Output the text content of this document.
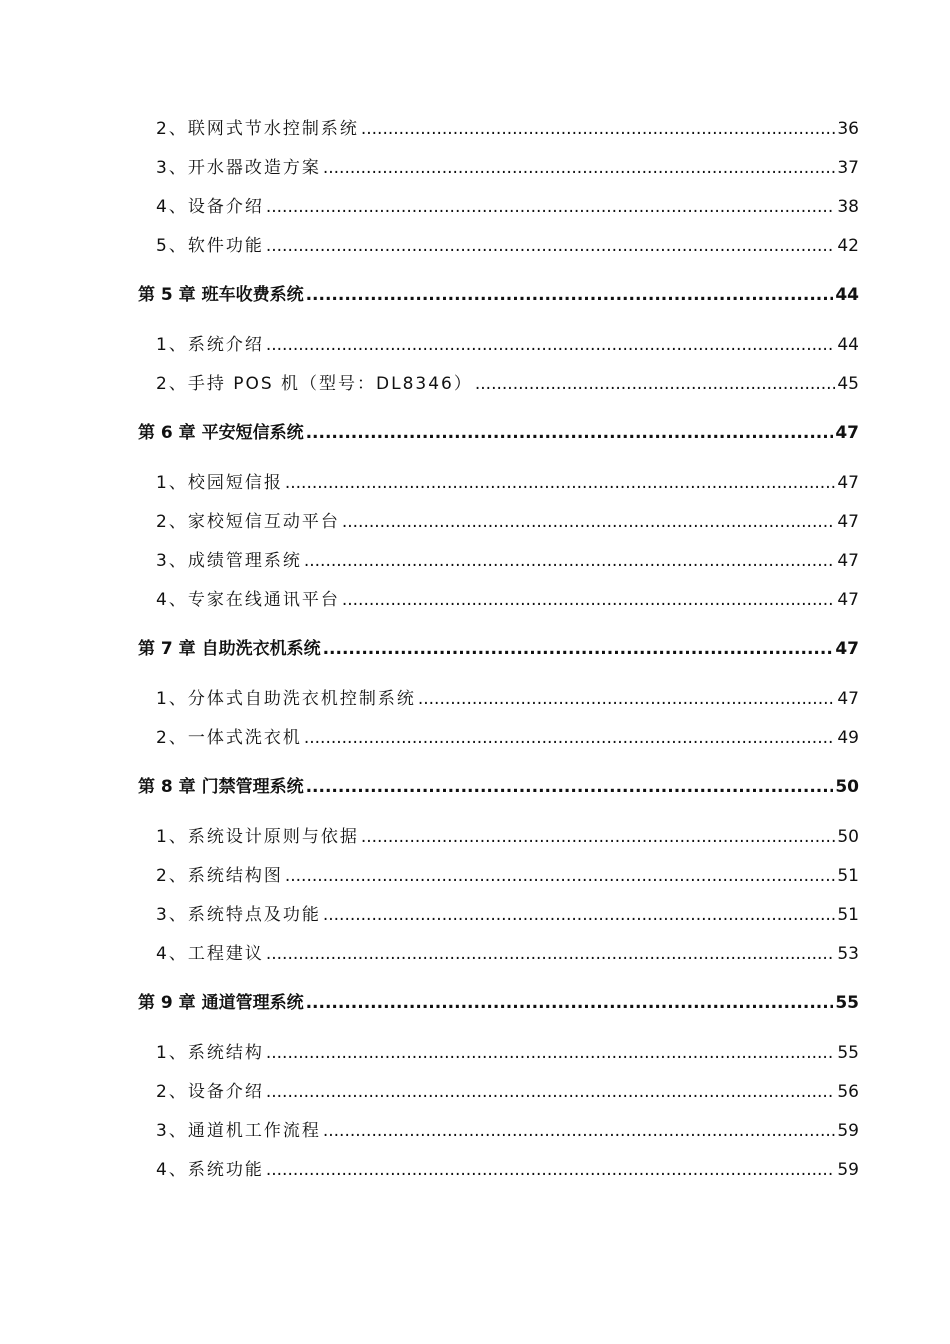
2、联网式节水控制系统 .....	36
3、开水器改造方案 .....	37
4、设备介绍 .....	38
5、软件功能 .....	42
第 5 章 班车收费系统 .....	44
1、系统介绍 .....	44
2、手持 POS 机（型号：DL8346） .....	45
第 6 章 平安短信系统 .....	47
1、校园短信报 .....	47
2、家校短信互动平台 .....	47
3、成绩管理系统 .....	47
4、专家在线通讯平台 .....	47
第 7 章 自助洗衣机系统 .....	47
1、分体式自助洗衣机控制系统 .....	47
2、一体式洗衣机 .....	49
第 8 章 门禁管理系统 .....	50
1、系统设计原则与依据 .....	50
2、系统结构图 .....	51
3、系统特点及功能 .....	51
4、工程建议 .....	53
第 9 章 通道管理系统 .....	55
1、系统结构 .....	55
2、设备介绍 .....	56
3、通道机工作流程 .....	59
4、系统功能 .....	59
